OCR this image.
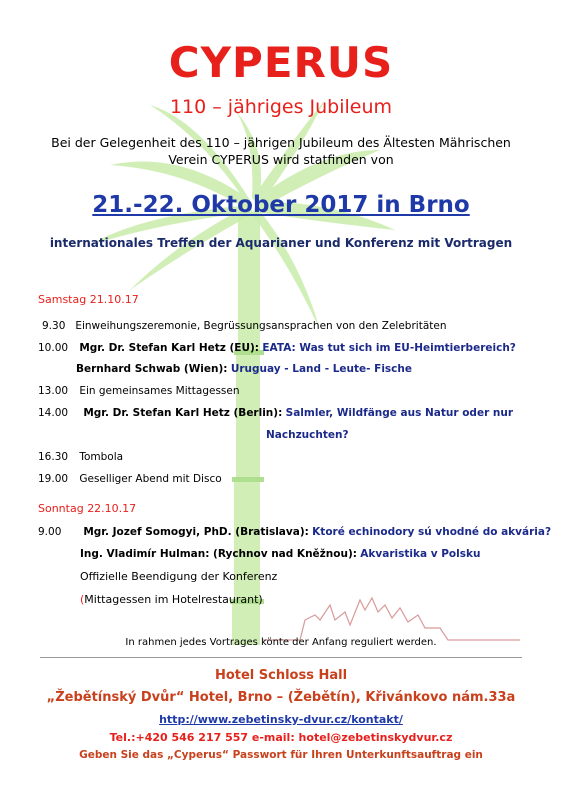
CYPERUS
110 – jähriges Jubileum
Bei der Gelegenheit des 110 – jährigen Jubileum des Ältesten Mährischen
Verein CYPERUS wird statfinden von
21.-22. Oktober 2017 in Brno
internationales Treffen der Aquarianer und Konferenz mit Vortragen
Samstag 21.10.17
9.30 Einweihungszeremonie, Begrüssungsansprachen von den Zelebritäten
10.00 Mgr. Dr. Stefan Karl Hetz (EU): EATA: Was tut sich im EU-Heimtierbereich?
Bernhard Schwab (Wien): Uruguay - Land - Leute- Fische
13.00 Ein gemeinsames Mittagessen
14.00 Mgr. Dr. Stefan Karl Hetz (Berlin): Salmler, Wildfänge aus Natur oder nur
Nachzuchten?
16.30 Tombola
19.00 Geselliger Abend mit Disco
Sonntag 22.10.17
9.00 Mgr. Jozef Somogyi, PhD. (Bratislava): Ktoré echinodory sú vhodné do akvária?
Ing. Vladimír Hulman: (Rychnov nad Kněžnou): Akvaristika v Polsku
Offizielle Beendigung der Konferenz
(Mittagessen im Hotelrestaurant)
In rahmen jedes Vortrages könte der Anfang reguliert werden.
Hotel Schloss Hall
„Žebětínský Dvůr“ Hotel, Brno – (Žebětín), Křivánkovo nám.33a
http://www.zebetinsky-dvur.cz/kontakt/
Tel.:+420 546 217 557 e-mail: hotel@zebetinskydvur.cz
Geben Sie das „Cyperus“ Passwort für Ihren Unterkunftsauftrag ein
